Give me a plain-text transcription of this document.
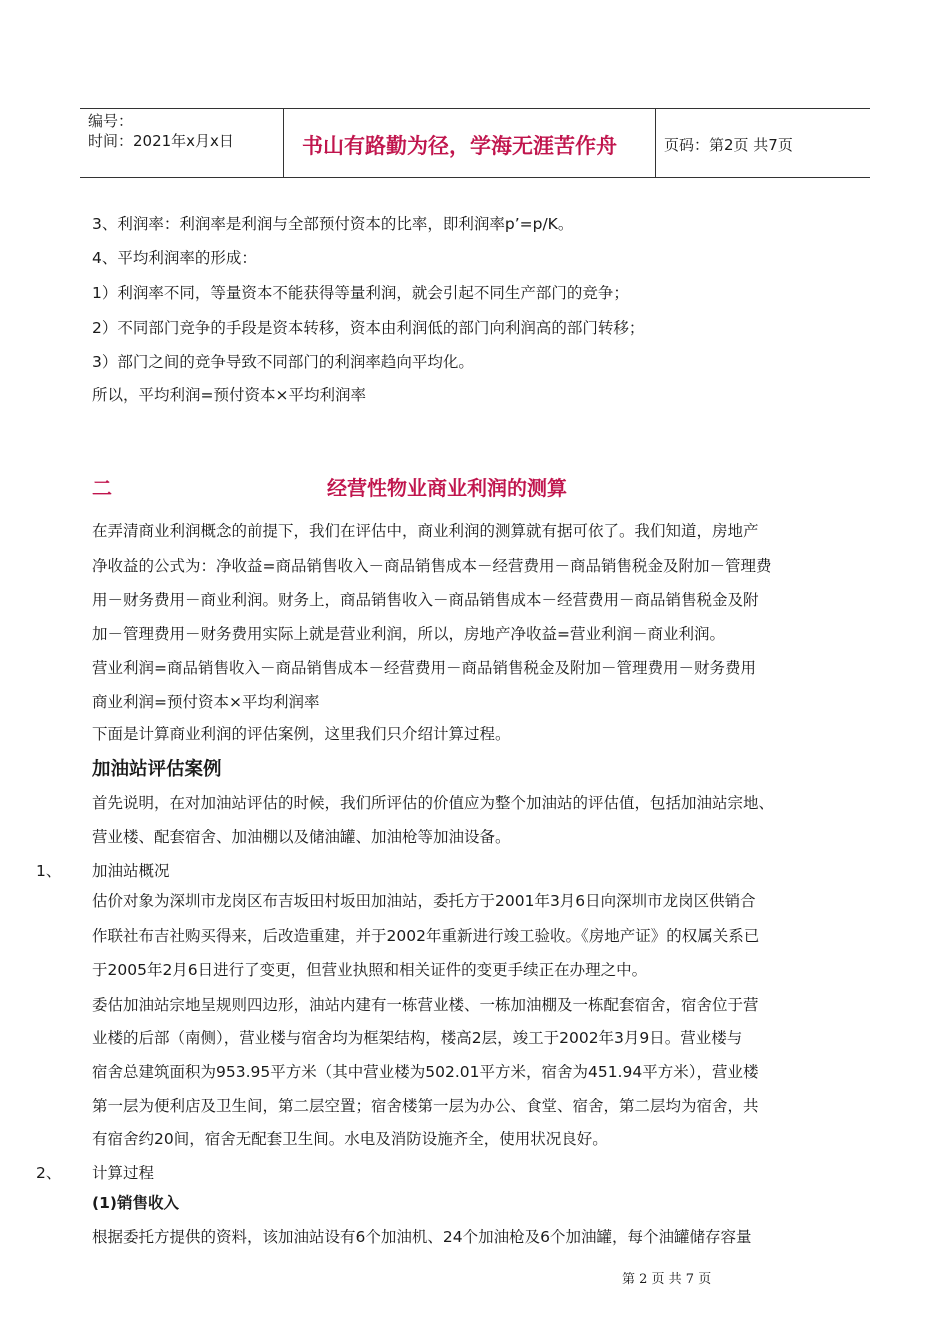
编号：
时间：2021年x月x日	书山有路勤为径，学海无涯苦作舟	页码：第2页 共7页
3、利润率：利润率是利润与全部预付资本的比率，即利润率p’=p/K。
4、平均利润率的形成：
1）利润率不同，等量资本不能获得等量利润，就会引起不同生产部门的竞争；
2）不同部门竞争的手段是资本转移，资本由利润低的部门向利润高的部门转移；
3）部门之间的竞争导致不同部门的利润率趋向平均化。
所以，平均利润=预付资本×平均利润率
二	经营性物业商业利润的测算
在弄清商业利润概念的前提下，我们在评估中，商业利润的测算就有据可依了。我们知道，房地产
净收益的公式为：净收益=商品销售收入－商品销售成本－经营费用－商品销售税金及附加－管理费
用－财务费用－商业利润。财务上，商品销售收入－商品销售成本－经营费用－商品销售税金及附
加－管理费用－财务费用实际上就是营业利润，所以，房地产净收益=营业利润－商业利润。
营业利润=商品销售收入－商品销售成本－经营费用－商品销售税金及附加－管理费用－财务费用
商业利润=预付资本×平均利润率
下面是计算商业利润的评估案例，这里我们只介绍计算过程。
加油站评估案例
首先说明，在对加油站评估的时候，我们所评估的价值应为整个加油站的评估值，包括加油站宗地、
营业楼、配套宿舍、加油棚以及储油罐、加油枪等加油设备。
1、 加油站概况
估价对象为深圳市龙岗区布吉坂田村坂田加油站，委托方于2001年3月6日向深圳市龙岗区供销合
作联社布吉社购买得来，后改造重建，并于2002年重新进行竣工验收。《房地产证》的权属关系已
于2005年2月6日进行了变更，但营业执照和相关证件的变更手续正在办理之中。
委估加油站宗地呈规则四边形，油站内建有一栋营业楼、一栋加油棚及一栋配套宿舍，宿舍位于营
业楼的后部（南侧），营业楼与宿舍均为框架结构，楼高2层，竣工于2002年3月9日。营业楼与
宿舍总建筑面积为953.95平方米（其中营业楼为502.01平方米，宿舍为451.94平方米），营业楼
第一层为便利店及卫生间，第二层空置；宿舍楼第一层为办公、食堂、宿舍，第二层均为宿舍，共
有宿舍约20间，宿舍无配套卫生间。水电及消防设施齐全，使用状况良好。
2、 计算过程
(1)销售收入
根据委托方提供的资料，该加油站设有6个加油机、24个加油枪及6个加油罐，每个油罐储存容量
第 2 页 共 7 页
